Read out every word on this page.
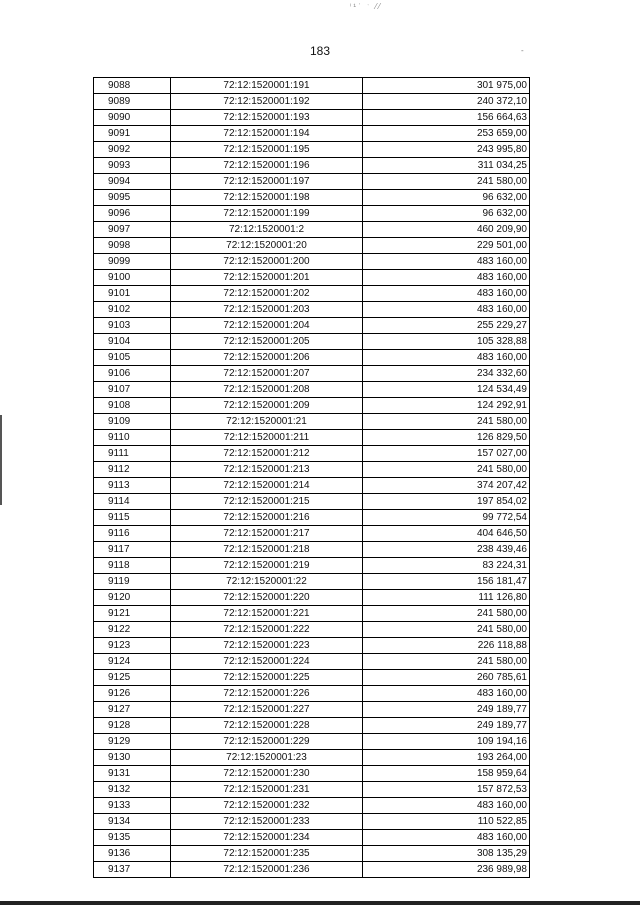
ⁱ¹ʾ ˑ ⁄⁄
-
183
9088	72:12:1520001:191	301 975,00
9089	72:12:1520001:192	240 372,10
9090	72:12:1520001:193	156 664,63
9091	72:12:1520001:194	253 659,00
9092	72:12:1520001:195	243 995,80
9093	72:12:1520001:196	311 034,25
9094	72:12:1520001:197	241 580,00
9095	72:12:1520001:198	96 632,00
9096	72:12:1520001:199	96 632,00
9097	72:12:1520001:2	460 209,90
9098	72:12:1520001:20	229 501,00
9099	72:12:1520001:200	483 160,00
9100	72:12:1520001:201	483 160,00
9101	72:12:1520001:202	483 160,00
9102	72:12:1520001:203	483 160,00
9103	72:12:1520001:204	255 229,27
9104	72:12:1520001:205	105 328,88
9105	72:12:1520001:206	483 160,00
9106	72:12:1520001:207	234 332,60
9107	72:12:1520001:208	124 534,49
9108	72:12:1520001:209	124 292,91
9109	72:12:1520001:21	241 580,00
9110	72:12:1520001:211	126 829,50
9111	72:12:1520001:212	157 027,00
9112	72:12:1520001:213	241 580,00
9113	72:12:1520001:214	374 207,42
9114	72:12:1520001:215	197 854,02
9115	72:12:1520001:216	99 772,54
9116	72:12:1520001:217	404 646,50
9117	72:12:1520001:218	238 439,46
9118	72:12:1520001:219	83 224,31
9119	72:12:1520001:22	156 181,47
9120	72:12:1520001:220	111 126,80
9121	72:12:1520001:221	241 580,00
9122	72:12:1520001:222	241 580,00
9123	72:12:1520001:223	226 118,88
9124	72:12:1520001:224	241 580,00
9125	72:12:1520001:225	260 785,61
9126	72:12:1520001:226	483 160,00
9127	72:12:1520001:227	249 189,77
9128	72:12:1520001:228	249 189,77
9129	72:12:1520001:229	109 194,16
9130	72:12:1520001:23	193 264,00
9131	72:12:1520001:230	158 959,64
9132	72:12:1520001:231	157 872,53
9133	72:12:1520001:232	483 160,00
9134	72:12:1520001:233	110 522,85
9135	72:12:1520001:234	483 160,00
9136	72:12:1520001:235	308 135,29
9137	72:12:1520001:236	236 989,98
